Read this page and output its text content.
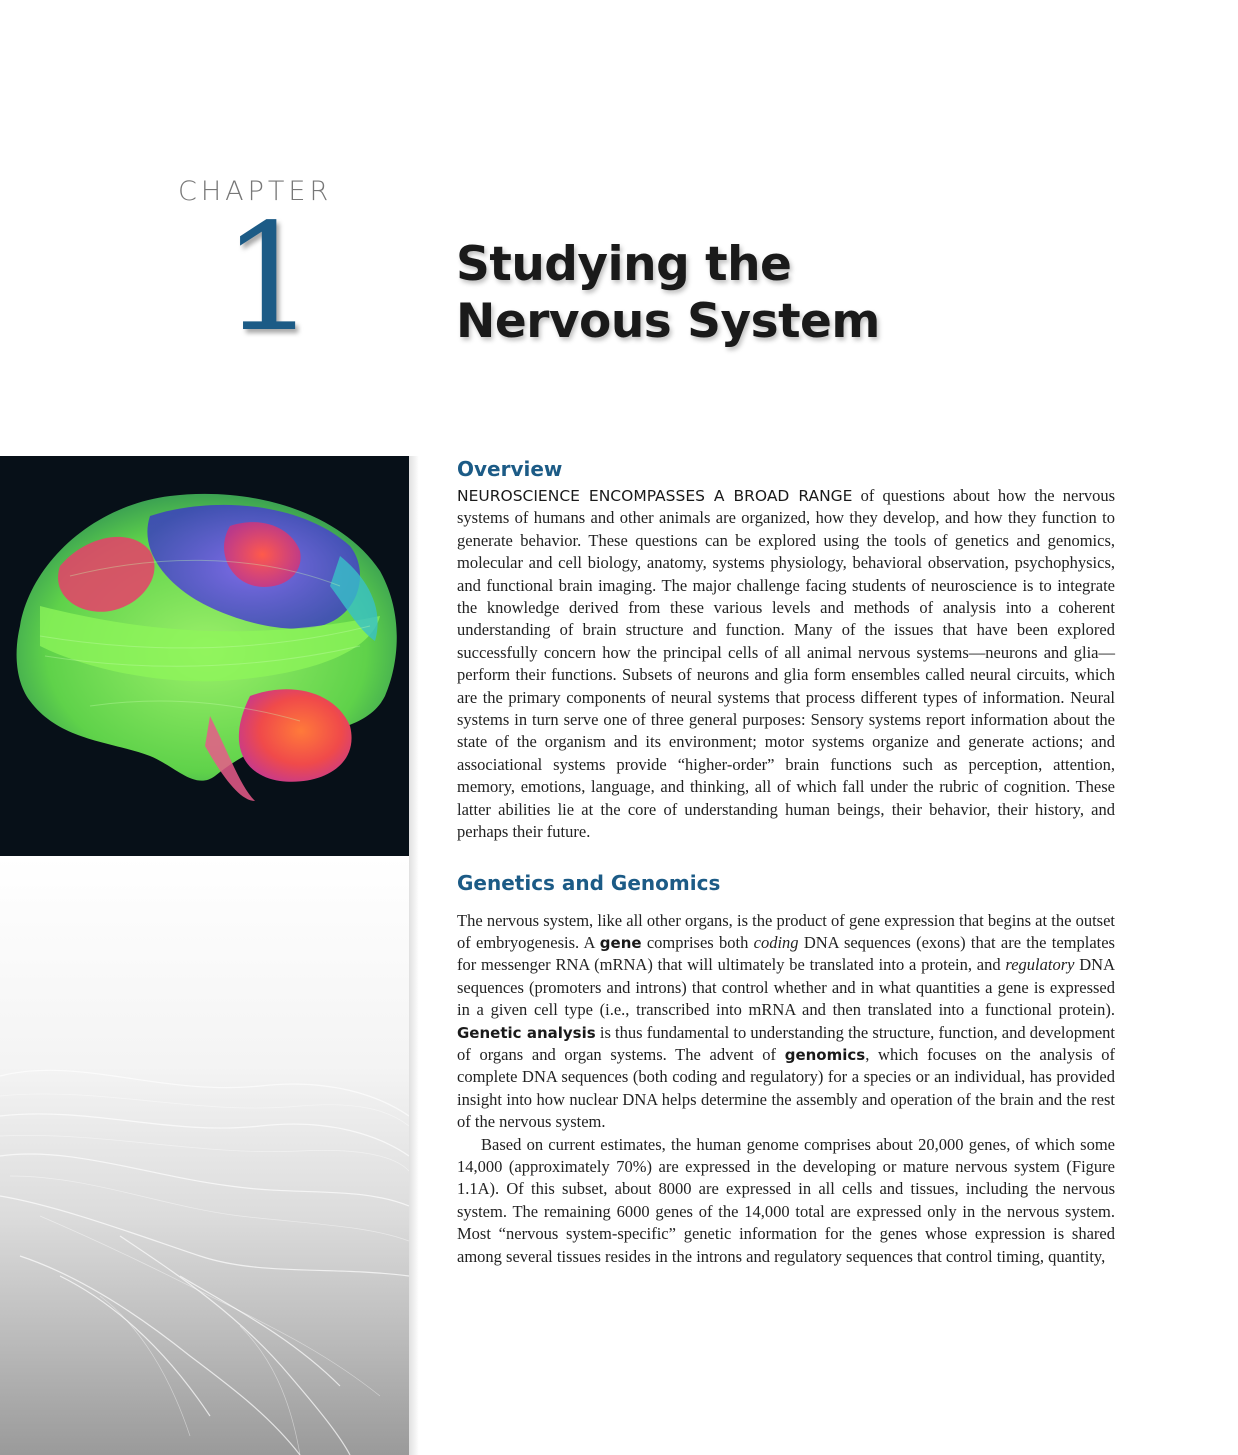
CHAPTER
1	Studying the
Nervous System
Overview

NEUROSCIENCE ENCOMPASSES A BROAD RANGE of questions about how the nervous systems of humans and other animals are organized, how they develop, and how they function to generate behavior. These questions can be explored using the tools of genetics and genomics, molecular and cell biology, anatomy, systems physiology, behavioral observation, psychophysics, and functional brain imaging. The major challenge facing students of neuroscience is to integrate the knowledge derived from these various levels and methods of analysis into a coherent understanding of brain structure and function. Many of the issues that have been explored successfully concern how the principal cells of all animal nervous systems—neurons and glia—perform their functions. Subsets of neurons and glia form ensembles called neural circuits, which are the primary components of neural systems that process different types of information. Neural systems in turn serve one of three general purposes: Sensory systems report information about the state of the organism and its environment; motor systems organize and generate actions; and associational systems provide “higher-order” brain functions such as perception, attention, memory, emotions, language, and thinking, all of which fall under the rubric of cognition. These latter abilities lie at the core of understanding human beings, their behavior, their history, and perhaps their future.

Genetics and Genomics

The nervous system, like all other organs, is the product of gene expression that begins at the outset of embryogenesis. A gene comprises both coding DNA sequences (exons) that are the templates for messenger RNA (mRNA) that will ultimately be translated into a protein, and regulatory DNA sequences (promoters and introns) that control whether and in what quantities a gene is expressed in a given cell type (i.e., transcribed into mRNA and then translated into a functional protein). Genetic analysis is thus fundamental to understanding the structure, function, and development of organs and organ systems. The advent of genomics, which focuses on the analysis of complete DNA sequences (both coding and regulatory) for a species or an individual, has provided insight into how nuclear DNA helps determine the assembly and operation of the brain and the rest of the nervous system.

Based on current estimates, the human genome comprises about 20,000 genes, of which some 14,000 (approximately 70%) are expressed in the developing or mature nervous system (Figure 1.1A). Of this subset, about 8000 are expressed in all cells and tissues, including the nervous system. The remaining 6000 genes of the 14,000 total are expressed only in the nervous system. Most “nervous system-specific” genetic information for the genes whose expression is shared among several tissues resides in the introns and regulatory sequences that control timing, quantity,
